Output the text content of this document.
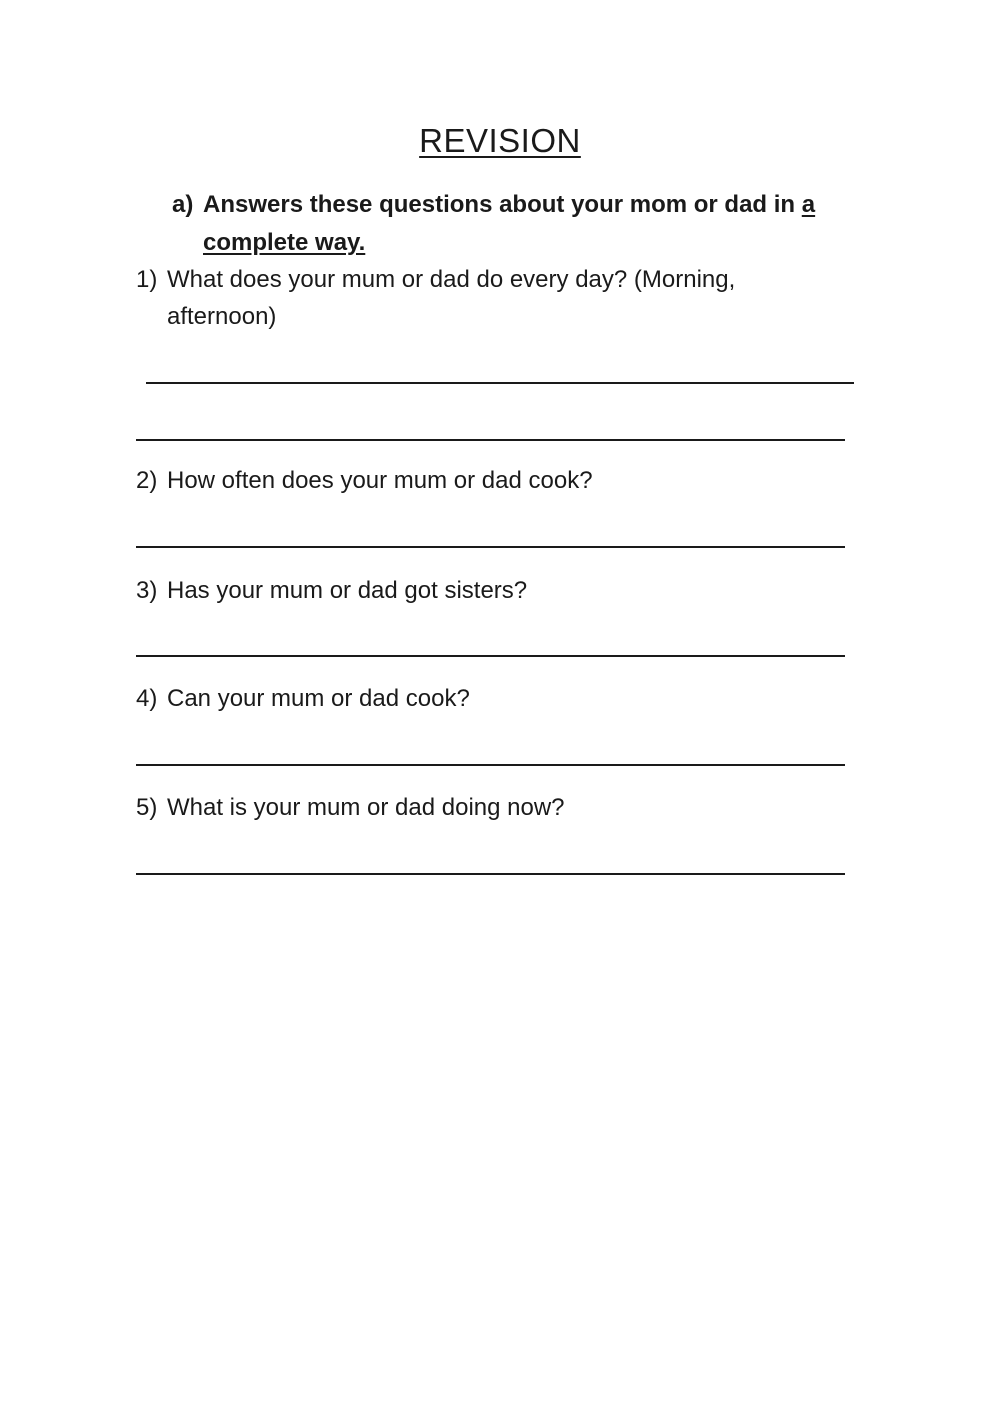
REVISION
a) Answers these questions about your mom or dad in a complete way.
1) What does your mum or dad do every day? (Morning, afternoon)
2) How often does your mum or dad cook?
3) Has your mum or dad got sisters?
4) Can your mum or dad cook?
5) What is your mum or dad doing now?
